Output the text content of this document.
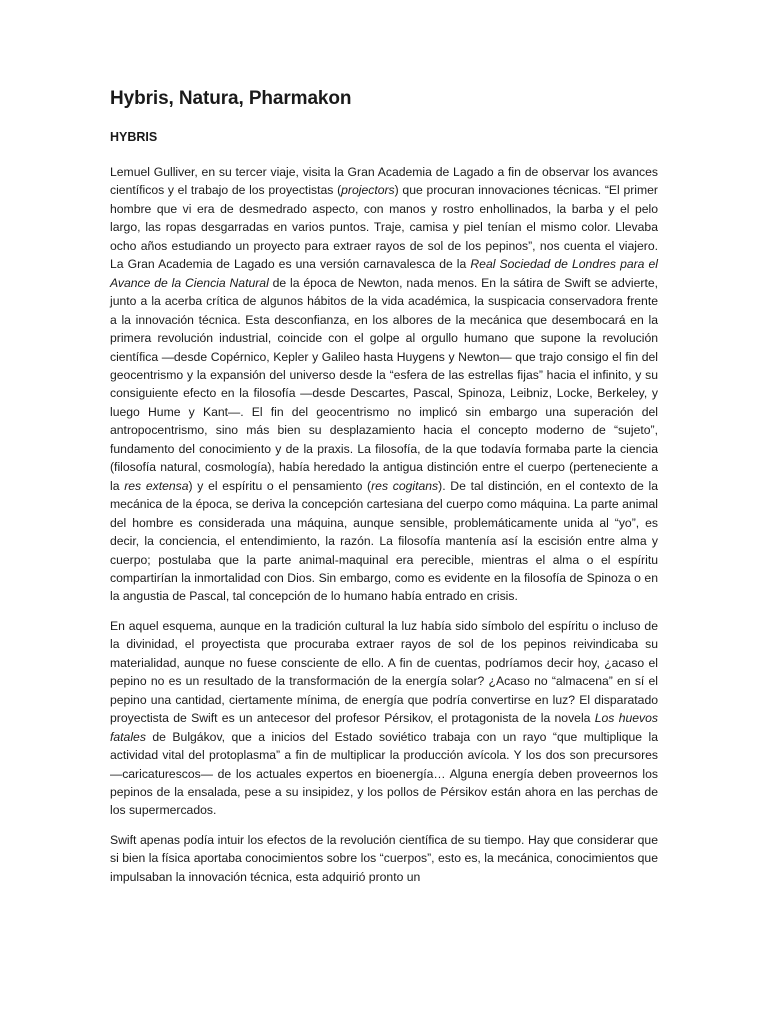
Hybris, Natura, Pharmakon
HYBRIS

Lemuel Gulliver, en su tercer viaje, visita la Gran Academia de Lagado a fin de observar los avances científicos y el trabajo de los proyectistas (projectors) que procuran innovaciones técnicas. “El primer hombre que vi era de desmedrado aspecto, con manos y rostro enhollinados, la barba y el pelo largo, las ropas desgarradas en varios puntos. Traje, camisa y piel tenían el mismo color. Llevaba ocho años estudiando un proyecto para extraer rayos de sol de los pepinos”, nos cuenta el viajero. La Gran Academia de Lagado es una versión carnavalesca de la Real Sociedad de Londres para el Avance de la Ciencia Natural de la época de Newton, nada menos. En la sátira de Swift se advierte, junto a la acerba crítica de algunos hábitos de la vida académica, la suspicacia conservadora frente a la innovación técnica. Esta desconfianza, en los albores de la mecánica que desembocará en la primera revolución industrial, coincide con el golpe al orgullo humano que supone la revolución científica —desde Copérnico, Kepler y Galileo hasta Huygens y Newton— que trajo consigo el fin del geocentrismo y la expansión del universo desde la “esfera de las estrellas fijas” hacia el infinito, y su consiguiente efecto en la filosofía —desde Descartes, Pascal, Spinoza, Leibniz, Locke, Berkeley, y luego Hume y Kant—. El fin del geocentrismo no implicó sin embargo una superación del antropocentrismo, sino más bien su desplazamiento hacia el concepto moderno de “sujeto”, fundamento del conocimiento y de la praxis. La filosofía, de la que todavía formaba parte la ciencia (filosofía natural, cosmología), había heredado la antigua distinción entre el cuerpo (perteneciente a la res extensa) y el espíritu o el pensamiento (res cogitans). De tal distinción, en el contexto de la mecánica de la época, se deriva la concepción cartesiana del cuerpo como máquina. La parte animal del hombre es considerada una máquina, aunque sensible, problemáticamente unida al “yo”, es decir, la conciencia, el entendimiento, la razón. La filosofía mantenía así la escisión entre alma y cuerpo; postulaba que la parte animal-maquinal era perecible, mientras el alma o el espíritu compartirían la inmortalidad con Dios. Sin embargo, como es evidente en la filosofía de Spinoza o en la angustia de Pascal, tal concepción de lo humano había entrado en crisis.

En aquel esquema, aunque en la tradición cultural la luz había sido símbolo del espíritu o incluso de la divinidad, el proyectista que procuraba extraer rayos de sol de los pepinos reivindicaba su materialidad, aunque no fuese consciente de ello. A fin de cuentas, podríamos decir hoy, ¿acaso el pepino no es un resultado de la transformación de la energía solar? ¿Acaso no “almacena” en sí el pepino una cantidad, ciertamente mínima, de energía que podría convertirse en luz? El disparatado proyectista de Swift es un antecesor del profesor Pérsikov, el protagonista de la novela Los huevos fatales de Bulgákov, que a inicios del Estado soviético trabaja con un rayo “que multiplique la actividad vital del protoplasma” a fin de multiplicar la producción avícola. Y los dos son precursores —caricaturescos— de los actuales expertos en bioenergía… Alguna energía deben proveernos los pepinos de la ensalada, pese a su insipidez, y los pollos de Pérsikov están ahora en las perchas de los supermercados.

Swift apenas podía intuir los efectos de la revolución científica de su tiempo. Hay que considerar que si bien la física aportaba conocimientos sobre los “cuerpos”, esto es, la mecánica, conocimientos que impulsaban la innovación técnica, esta adquirió pronto un
